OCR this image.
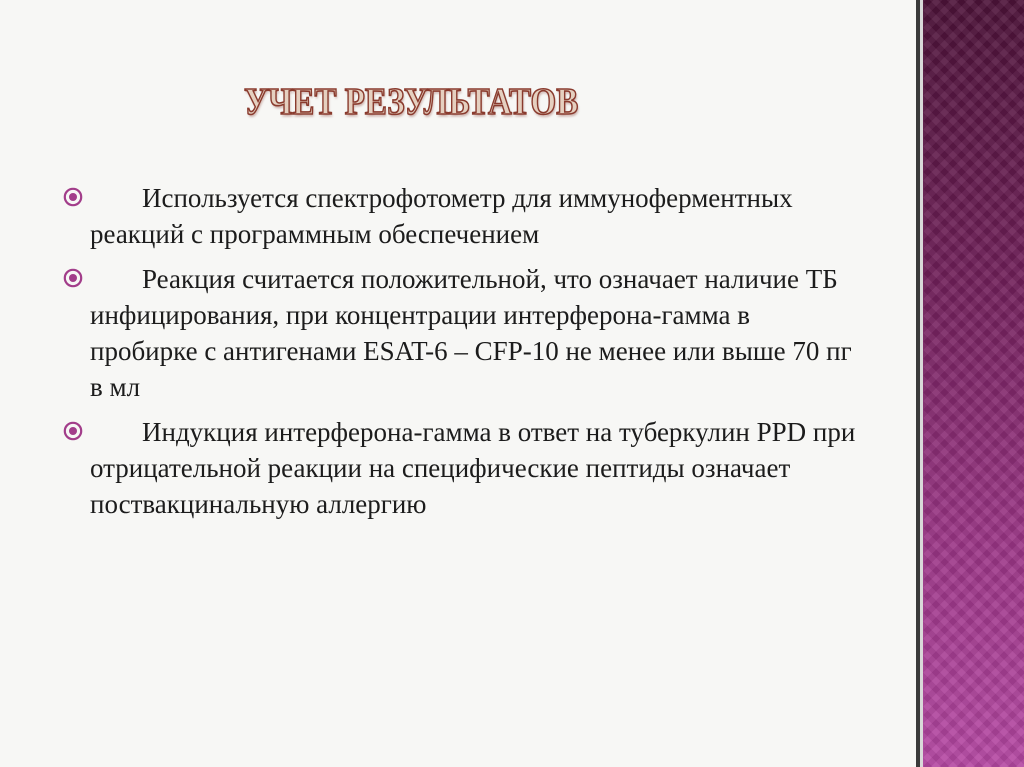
УЧЕТ РЕЗУЛЬТАТОВ
Используется спектрофотометр для иммуноферментных реакций с программным обеспечением
Реакция считается положительной, что означает наличие ТБ инфицирования, при концентрации интерферона-гамма в пробирке с антигенами ESAT-6 – CFP-10 не менее или выше 70 пг в мл
Индукция интерферона-гамма в ответ на туберкулин PPD при отрицательной реакции на специфические пептиды означает поствакцинальную аллергию
